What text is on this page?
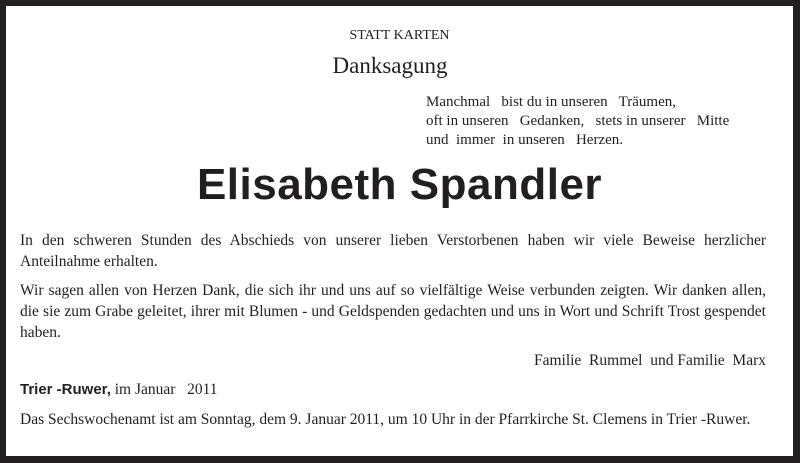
STATT KARTEN
Danksagung
Manchmal   bist du in unseren   Träumen,
oft in unseren   Gedanken,   stets in unserer   Mitte
und  immer  in unseren   Herzen.
Elisabeth Spandler
In den schweren Stunden des Abschieds von unserer lieben Verstorbenen haben wir viele Beweise herzlicher Anteilnahme erhalten.
Wir sagen allen von Herzen Dank, die sich ihr und uns auf so vielfältige Weise verbunden zeigten. Wir danken allen, die sie zum Grabe geleitet, ihrer mit Blumen - und Geldspenden gedachten und uns in Wort und Schrift Trost gespendet haben.
Familie  Rummel  und Familie  Marx
Trier -Ruwer, im Januar   2011
Das Sechswochenamt ist am Sonntag, dem 9. Januar 2011, um 10 Uhr in der Pfarrkirche St. Clemens in Trier -Ruwer.
